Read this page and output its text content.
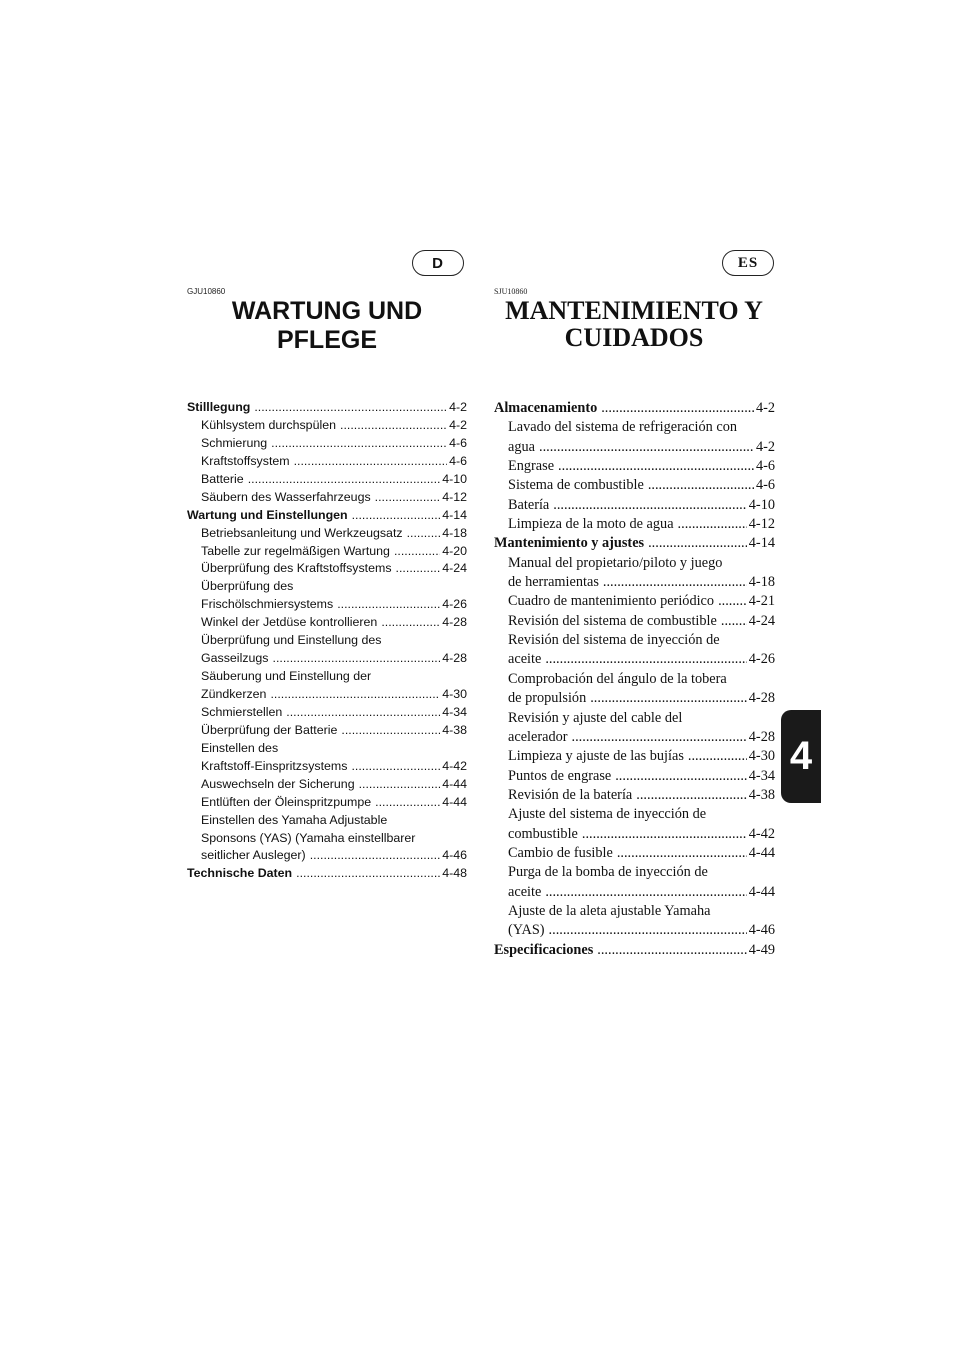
D	ES
GJU10860	SJU10860
WARTUNG UND
PFLEGE
MANTENIMIENTO Y
CUIDADOS
Stilllegung .....	4-2
Kühlsystem durchspülen .....	4-2
Schmierung .....	4-6
Kraftstoffsystem .....	4-6
Batterie .....	4-10
Säubern des Wasserfahrzeugs .....	4-12
Wartung und Einstellungen .....	4-14
Betriebsanleitung und Werkzeugsatz .....	4-18
Tabelle zur regelmäßigen Wartung .....	4-20
Überprüfung des Kraftstoffsystems .....	4-24
Überprüfung des
Frischölschmiersystems .....	4-26
Winkel der Jetdüse kontrollieren .....	4-28
Überprüfung und Einstellung des
Gasseilzugs .....	4-28
Säuberung und Einstellung der
Zündkerzen .....	4-30
Schmierstellen .....	4-34
Überprüfung der Batterie .....	4-38
Einstellen des
Kraftstoff-Einspritzsystems .....	4-42
Auswechseln der Sicherung .....	4-44
Entlüften der Öleinspritzpumpe .....	4-44
Einstellen des Yamaha Adjustable
Sponsons (YAS) (Yamaha einstellbarer
seitlicher Ausleger) .....	4-46
Technische Daten .....	4-48
Almacenamiento .....	4-2
Lavado del sistema de refrigeración con
agua .....	4-2
Engrase .....	4-6
Sistema de combustible .....	4-6
Batería .....	4-10
Limpieza de la moto de agua .....	4-12
Mantenimiento y ajustes .....	4-14
Manual del propietario/piloto y juego
de herramientas .....	4-18
Cuadro de mantenimiento periódico ..... 4-21
Revisión del sistema de combustible ..... 4-24
Revisión del sistema de inyección de
aceite .....	4-26
Comprobación del ángulo de la tobera
de propulsión .....	4-28
Revisión y ajuste del cable del
acelerador .....	4-28
Limpieza y ajuste de las bujías .....	4-30
Puntos de engrase .....	4-34
Revisión de la batería .....	4-38
Ajuste del sistema de inyección de
combustible .....	4-42
Cambio de fusible .....	4-44
Purga de la bomba de inyección de
aceite .....	4-44
Ajuste de la aleta ajustable Yamaha
(YAS) .....	4-46
Especificaciones .....	4-49
4
